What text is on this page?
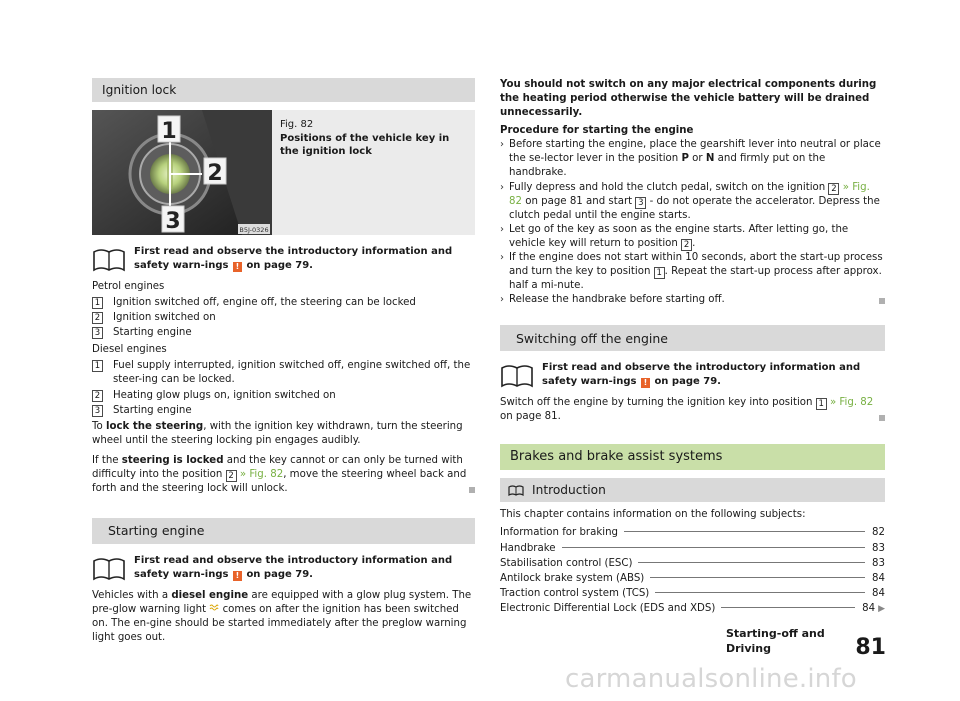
Ignition lock
1
2
3	B5J-0326
Fig. 82
Positions of the vehicle key in the ignition lock
First read and observe the introductory information and safety warn-ings ! on page 79.

Petrol engines

1 Ignition switched off, engine off, the steering can be locked
2 Ignition switched on
3 Starting engine

Diesel engines

1 Fuel supply interrupted, ignition switched off, engine switched off, the steer-ing can be locked.
2 Heating glow plugs on, ignition switched on
3 Starting engine

To lock the steering, with the ignition key withdrawn, turn the steering wheel until the steering locking pin engages audibly.

If the steering is locked and the key cannot or can only be turned with difficulty into the position 2 » Fig. 82, move the steering wheel back and forth and the steering lock will unlock.

Starting engine
First read and observe the introductory information and safety warn-ings ! on page 79.

Vehicles with a diesel engine are equipped with a glow plug system. The pre-glow warning light  comes on after the ignition has been switched on. The en-gine should be started immediately after the preglow warning light goes out.

You should not switch on any major electrical components during the heating period otherwise the vehicle battery will be drained unnecessarily.

Procedure for starting the engine

› Before starting the engine, place the gearshift lever into neutral or place the se-lector lever in the position P or N and firmly put on the handbrake.
› Fully depress and hold the clutch pedal, switch on the ignition 2 » Fig. 82 on page 81 and start 3 - do not operate the accelerator. Depress the clutch pedal until the engine starts.
› Let go of the key as soon as the engine starts. After letting go, the vehicle key will return to position 2 .
› If the engine does not start within 10 seconds, abort the start-up process and turn the key to position 1 . Repeat the start-up process after approx. half a mi-nute.
› Release the handbrake before starting off.
Switching off the engine
First read and observe the introductory information and safety warn-ings ! on page 79.

Switch off the engine by turning the ignition key into position 1 » Fig. 82 on page 81.

Brakes and brake assist systems
Introduction

This chapter contains information on the following subjects:

Information for braking	82
Handbrake	83
Stabilisation control (ESC)	83
Antilock brake system (ABS)	84
Traction control system (TCS)	84
Electronic Differential Lock (EDS and XDS)	84 ▶
Starting-off and Driving	81
carmanualsonline.info
